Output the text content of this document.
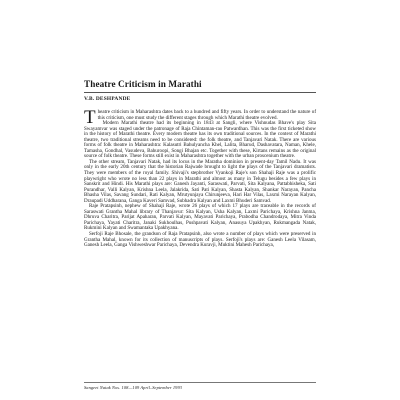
Theatre Criticism in Marathi
V.B. DESHPANDE

Theatre criticism in Maharashtra dates back to a hundred and fifty years. In order to understand the nature of this criticism, one must study the different stages through which Marathi theatre evolved.

Modern Marathi theatre had its beginning in 1843 at Sangli, where Vishnudas Bhave's play Sita Swayamvar was staged under the patronage of Raja Chintaman-rao Patwardhan. This was the first ticketed show in the history of Marathi theatre. Every modern theatre has its own traditional sources. In the context of Marathi theatre, two traditional streams need to be considered: the folk theatre, and Tanjavari Natak. There are various forms of folk theatre in Maharashtra: Kalasutri Bahulyancha Khel, Lalita, Bharud, Dashavatara, Naman, Khele, Tamasha, Gondhal, Vasudeva, Bahuroopi, Songi Bhajan etc. Together with these, Kirtans remains as the original source of folk theatre. These forms still exist in Maharashtra together with the urban proscenium theatre.

The other stream, Tanjavari Natak, had its locus in the Maratha dominion in present-day Tamil Nadu. It was only in the early 20th century that the historian Rajwade brought to light the plays of the Tanjavari dramatists. They were members of the royal family. Shivaji's stepbrother Vyankoji Raje's son Shahaji Raje was a prolific playwright who wrote no less than 22 plays in Marathi and almost as many in Telugu besides a few plays in Sanskrit and Hindi. His Marathi plays are: Ganesh Jayanti, Saraswati, Parvati, Sita Kalyana, Pattabhisheka, Sati Purandhar, Valli Kalyan, Krishna Leela, Jalakrida, Sati Pati Kalyan, Shasta Kalyan, Shankar Narayan, Pancha Bhasha Vilas, Savang Sundari, Rati Kalyan, Mrutyunjaya Chirunjeeva, Hari Har Vilas, Laxmi Narayan Kalyan, Draupadi Uddharana, Ganga Kaveri Samvad, Subhadra Kalyan and Laxmi Bhuderi Samvad.

Raje Pratapsinh, nephew of Shahaji Raje, wrote 26 plays of which 17 plays are traceable in the records of Saraswati Grantha Mahal library of Thanjavur: Sita Kalyan, Usha Kalyan, Laxmi Parichaya, Krishna Janma, Dhruva Charitra, Parijat Apaharan, Parvati Kalyan, Mayavati Parichaya, Prabodha Chandrodaya, Mitra Vinda Parichaya, Yayati Charitra, Janaki Sukhoulhas, Pushpavati Kalyan, Anasuya Upakhyan, Rukmangada Natak, Rukmini Kalyan and Swamantaka Upakhyana.

Serfoji Raje Bhosale, the grandson of Raja Pratapsinh, also wrote a number of plays which were preserved in Grantha Mahal, known for its collection of manuscripts of plays. Serfoji's plays are: Ganesh Leela Vilasam, Ganesh Leela, Ganga Vishweshwar Parichaya, Devendra Kuravji, Muktini Mahesh Parichaya,

Sangeet Natak Nos. 108—109 April–September 1993
